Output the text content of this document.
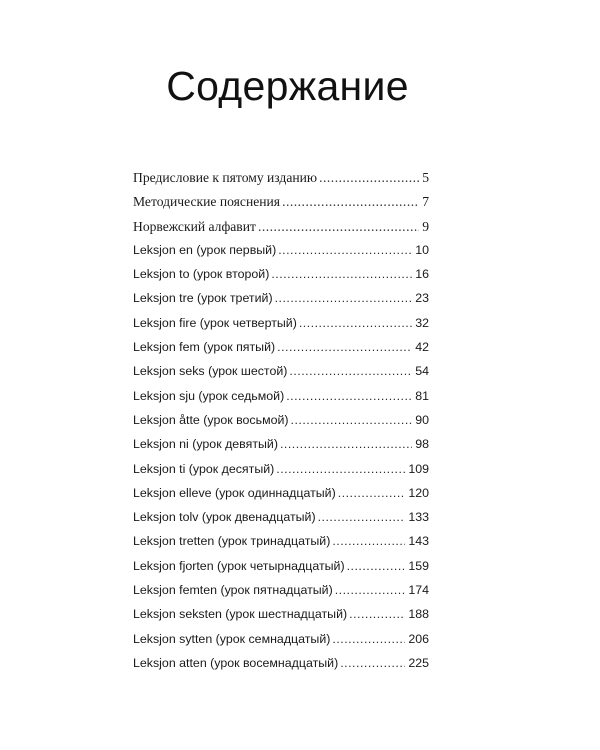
Содержание
Предисловие к пятому изданию .....	5
Методические пояснения .....	7
Норвежский алфавит .....	9
Leksjon en (урок первый) .....	10
Leksjon to (урок второй) .....	16
Leksjon tre (урок третий) .....	23
Leksjon fire (урок четвертый) .....	32
Leksjon fem (урок пятый) .....	42
Leksjon seks (урок шестой) .....	54
Leksjon sju (урок седьмой) .....	81
Leksjon åtte (урок восьмой) .....	90
Leksjon ni (урок девятый) .....	98
Leksjon ti (урок десятый) .....	109
Leksjon elleve (урок одиннадцатый) .....	120
Leksjon tolv (урок двенадцатый) .....	133
Leksjon tretten (урок тринадцатый) .....	143
Leksjon fjorten (урок четырнадцатый) .....	159
Leksjon femten (урок пятнадцатый) .....	174
Leksjon seksten (урок шестнадцатый) .....	188
Leksjon sytten (урок семнадцатый) .....	206
Leksjon atten (урок восемнадцатый) .....	225
